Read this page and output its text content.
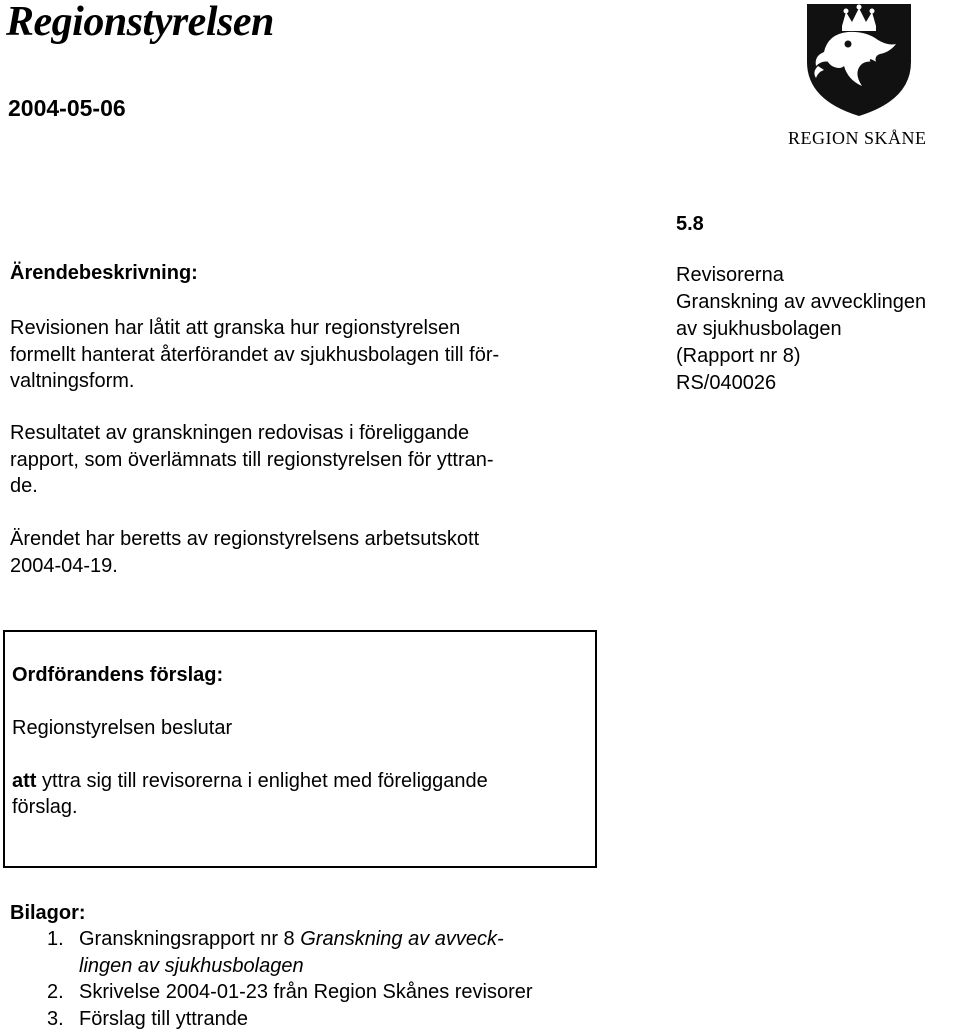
Regionstyrelsen
2004-05-06
REGION SKÅNE
5.8
Revisorerna
Granskning av avvecklingen
av sjukhusbolagen
(Rapport nr 8)
RS/040026
Ärendebeskrivning:
Revisionen har låtit att granska hur regionstyrelsen
formellt hanterat återförandet av sjukhusbolagen till för-
valtningsform.
Resultatet av granskningen redovisas i föreliggande
rapport, som överlämnats till regionstyrelsen för yttran-
de.
Ärendet har beretts av regionstyrelsens arbetsutskott
2004-04-19.
Ordförandens förslag:
Regionstyrelsen beslutar
att yttra sig till revisorerna i enlighet med föreliggande
förslag.
Bilagor:
1. Granskningsrapport nr 8 Granskning av avveck-
lingen av sjukhusbolagen
2. Skrivelse 2004-01-23 från Region Skånes revisorer
3. Förslag till yttrande
